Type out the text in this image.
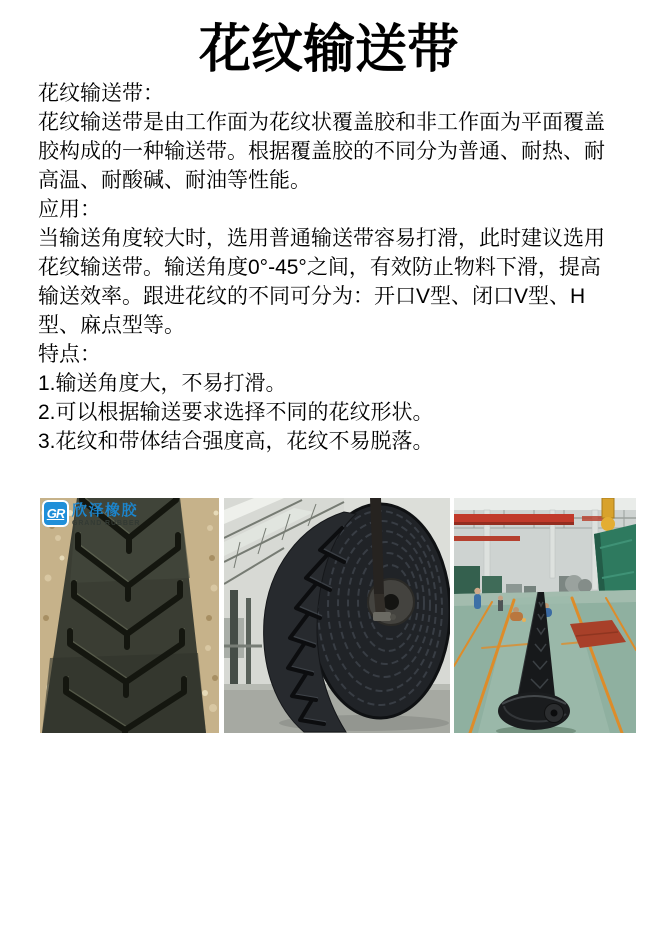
花纹输送带

花纹输送带：

花纹输送带是由工作面为花纹状覆盖胶和非工作面为平面覆盖胶构成的一种输送带。根据覆盖胶的不同分为普通、耐热、耐高温、耐酸碱、耐油等性能。

应用：

当输送角度较大时，选用普通输送带容易打滑，此时建议选用花纹输送带。输送角度0°-45°之间，有效防止物料下滑，提高输送效率。跟进花纹的不同可分为：开口V型、闭口V型、H型、麻点型等。

特点：

1.输送角度大，不易打滑。

2.可以根据输送要求选择不同的花纹形状。

3.花纹和带体结合强度高，花纹不易脱落。

GR 欣泽橡胶
GRAND RUBBER
